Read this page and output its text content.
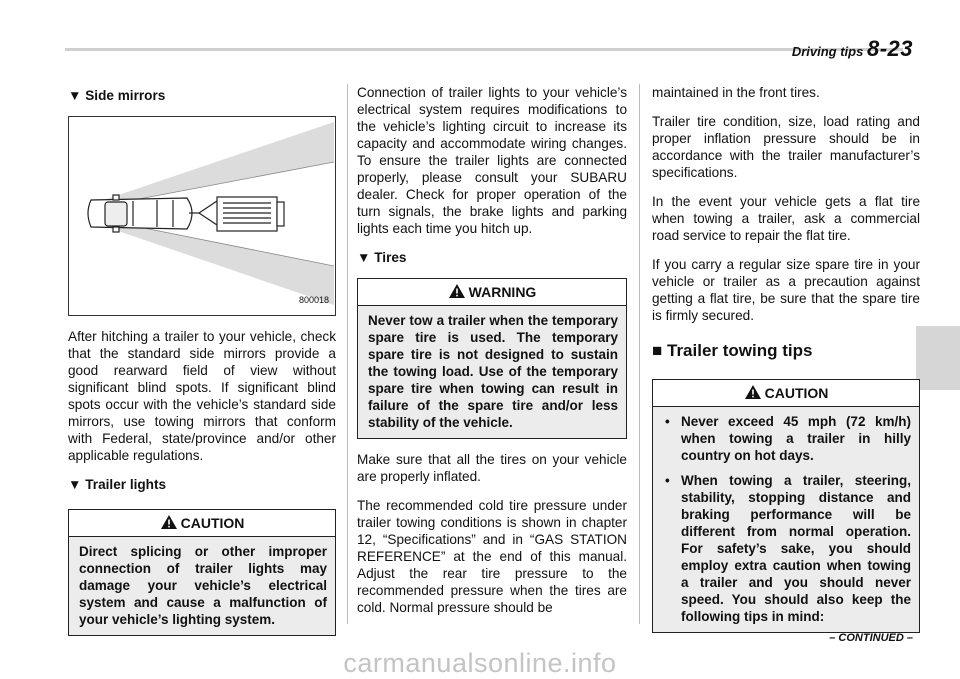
Driving tips 8-23
▼ Side mirrors
800018

After hitching a trailer to your vehicle, check that the standard side mirrors provide a good rearward field of view without significant blind spots. If significant blind spots occur with the vehicle’s standard side mirrors, use towing mirrors that conform with Federal, state/province and/or other applicable regulations.

▼ Trailer lights
CAUTION
Direct splicing or other improper connection of trailer lights may damage your vehicle’s electrical system and cause a malfunction of your vehicle’s lighting system.

Connection of trailer lights to your vehicle’s electrical system requires modifications to the vehicle’s lighting circuit to increase its capacity and accommodate wiring changes. To ensure the trailer lights are connected properly, please consult your SUBARU dealer. Check for proper operation of the turn signals, the brake lights and parking lights each time you hitch up.

▼ Tires
WARNING
Never tow a trailer when the temporary spare tire is used. The temporary spare tire is not designed to sustain the towing load. Use of the temporary spare tire when towing can result in failure of the spare tire and/or less stability of the vehicle.

Make sure that all the tires on your vehicle are properly inflated.

The recommended cold tire pressure under trailer towing conditions is shown in chapter 12, “Specifications” and in “GAS STATION REFERENCE” at the end of this manual. Adjust the rear tire pressure to the recommended pressure when the tires are cold. Normal pressure should be

maintained in the front tires.

Trailer tire condition, size, load rating and proper inflation pressure should be in accordance with the trailer manufacturer’s specifications.

In the event your vehicle gets a flat tire when towing a trailer, ask a commercial road service to repair the flat tire.

If you carry a regular size spare tire in your vehicle or trailer as a precaution against getting a flat tire, be sure that the spare tire is firmly secured.

■ Trailer towing tips
CAUTION
• Never exceed 45 mph (72 km/h) when towing a trailer in hilly country on hot days.
• When towing a trailer, steering, stability, stopping distance and braking performance will be different from normal operation. For safety’s sake, you should employ extra caution when towing a trailer and you should never speed. You should also keep the following tips in mind:
– CONTINUED –
carmanualsonline.info
